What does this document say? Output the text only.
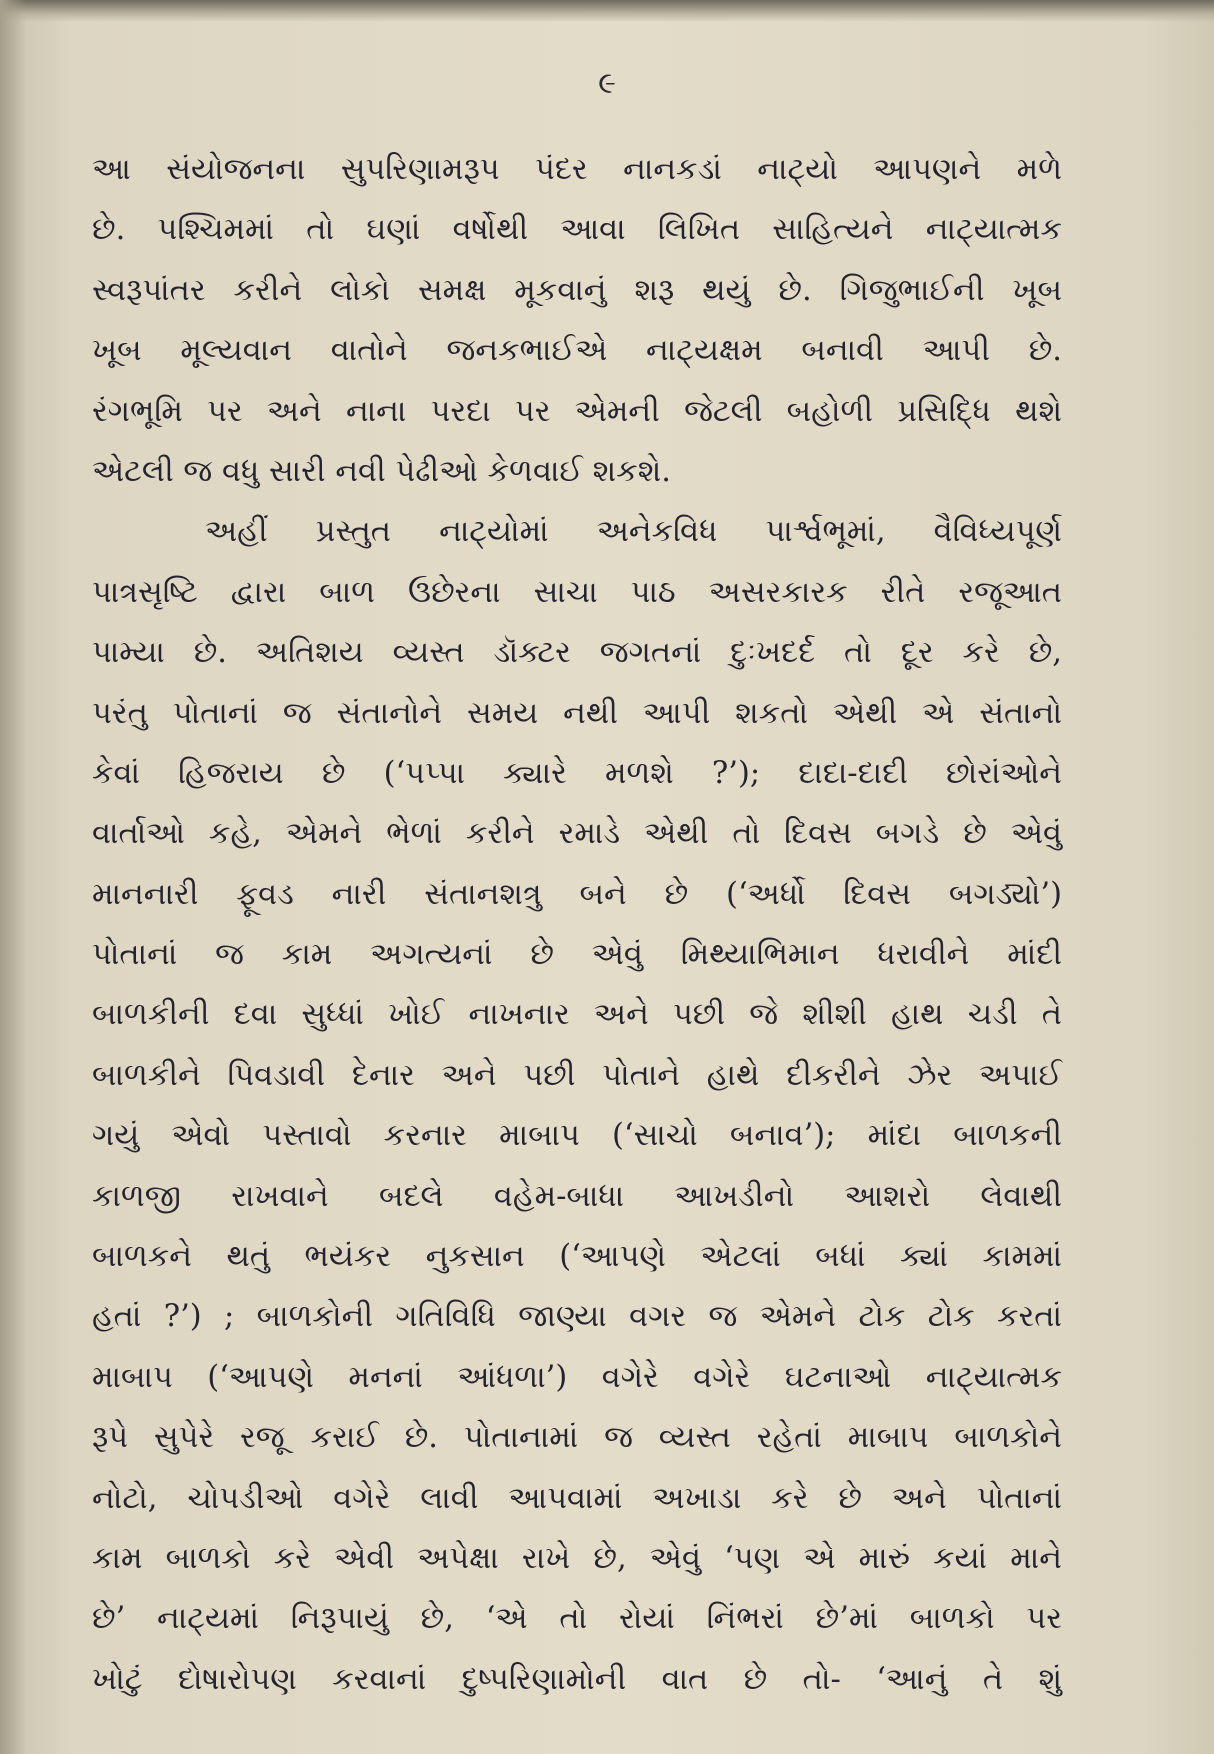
૯
આ સંયોજનના સુપરિણામરૂપ પંદર નાનકડાં નાટ્યો આપણને મળે
છે. પશ્ચિમમાં તો ઘણાં વર્ષોથી આવા લિખિત સાહિત્યને નાટ્યાત્મક
સ્વરૂપાંતર કરીને લોકો સમક્ષ મૂકવાનું શરૂ થયું છે. ગિજુભાઈની ખૂબ
ખૂબ મૂલ્યવાન વાતોને જનકભાઈએ નાટ્યક્ષમ બનાવી આપી છે.
રંગભૂમિ પર અને નાના પરદા પર એમની જેટલી બહોળી પ્રસિદ્ધિ થશે
એટલી જ વધુ સારી નવી પેઢીઓ કેળવાઈ શકશે.
અહીં પ્રસ્તુત નાટ્યોમાં અનેકવિધ પાર્શ્વભૂમાં, વૈવિધ્યપૂર્ણ
પાત્રસૃષ્ટિ દ્વારા બાળ ઉછેરના સાચા પાઠ અસરકારક રીતે રજૂઆત
પામ્યા છે. અતિશય વ્યસ્ત ડૉક્ટર જગતનાં દુઃખદર્દ તો દૂર કરે છે,
પરંતુ પોતાનાં જ સંતાનોને સમય નથી આપી શકતો એથી એ સંતાનો
કેવાં હિજરાય છે (‘પપ્પા ક્યારે મળશે ?’); દાદા-દાદી છોરાંઓને
વાર્તાઓ કહે, એમને ભેળાં કરીને રમાડે એથી તો દિવસ બગડે છે એવું
માનનારી ફૂવડ નારી સંતાનશત્રુ બને છે (‘અર્ધો દિવસ બગડ્યો’)
પોતાનાં જ કામ અગત્યનાં છે એવું મિથ્યાભિમાન ધરાવીને માંદી
બાળકીની દવા સુધ્ધાં ખોઈ નાખનાર અને પછી જે શીશી હાથ ચડી તે
બાળકીને પિવડાવી દેનાર અને પછી પોતાને હાથે દીકરીને ઝેર અપાઈ
ગયું એવો પસ્તાવો કરનાર માબાપ (‘સાચો બનાવ’); માંદા બાળકની
કાળજી રાખવાને બદલે વહેમ-બાધા આખડીનો આશરો લેવાથી
બાળકને થતું ભયંકર નુકસાન (‘આપણે એટલાં બધાં ક્યાં કામમાં
હતાં ?’) ; બાળકોની ગતિવિધિ જાણ્યા વગર જ એમને ટોક ટોક કરતાં
માબાપ (‘આપણે મનનાં આંધળા’) વગેરે વગેરે ઘટનાઓ નાટ્યાત્મક
રૂપે સુપેરે રજૂ કરાઈ છે. પોતાનામાં જ વ્યસ્ત રહેતાં માબાપ બાળકોને
નોટો, ચોપડીઓ વગેરે લાવી આપવામાં અખાડા કરે છે અને પોતાનાં
કામ બાળકો કરે એવી અપેક્ષા રાખે છે, એવું ‘પણ એ મારું કયાં માને
છે’ નાટ્યમાં નિરૂપાયું છે, ‘એ તો રોયાં નિંભરાં છે’માં બાળકો પર
ખોટું દોષારોપણ કરવાનાં દુષ્પરિણામોની વાત છે તો- ‘આનું તે શું
